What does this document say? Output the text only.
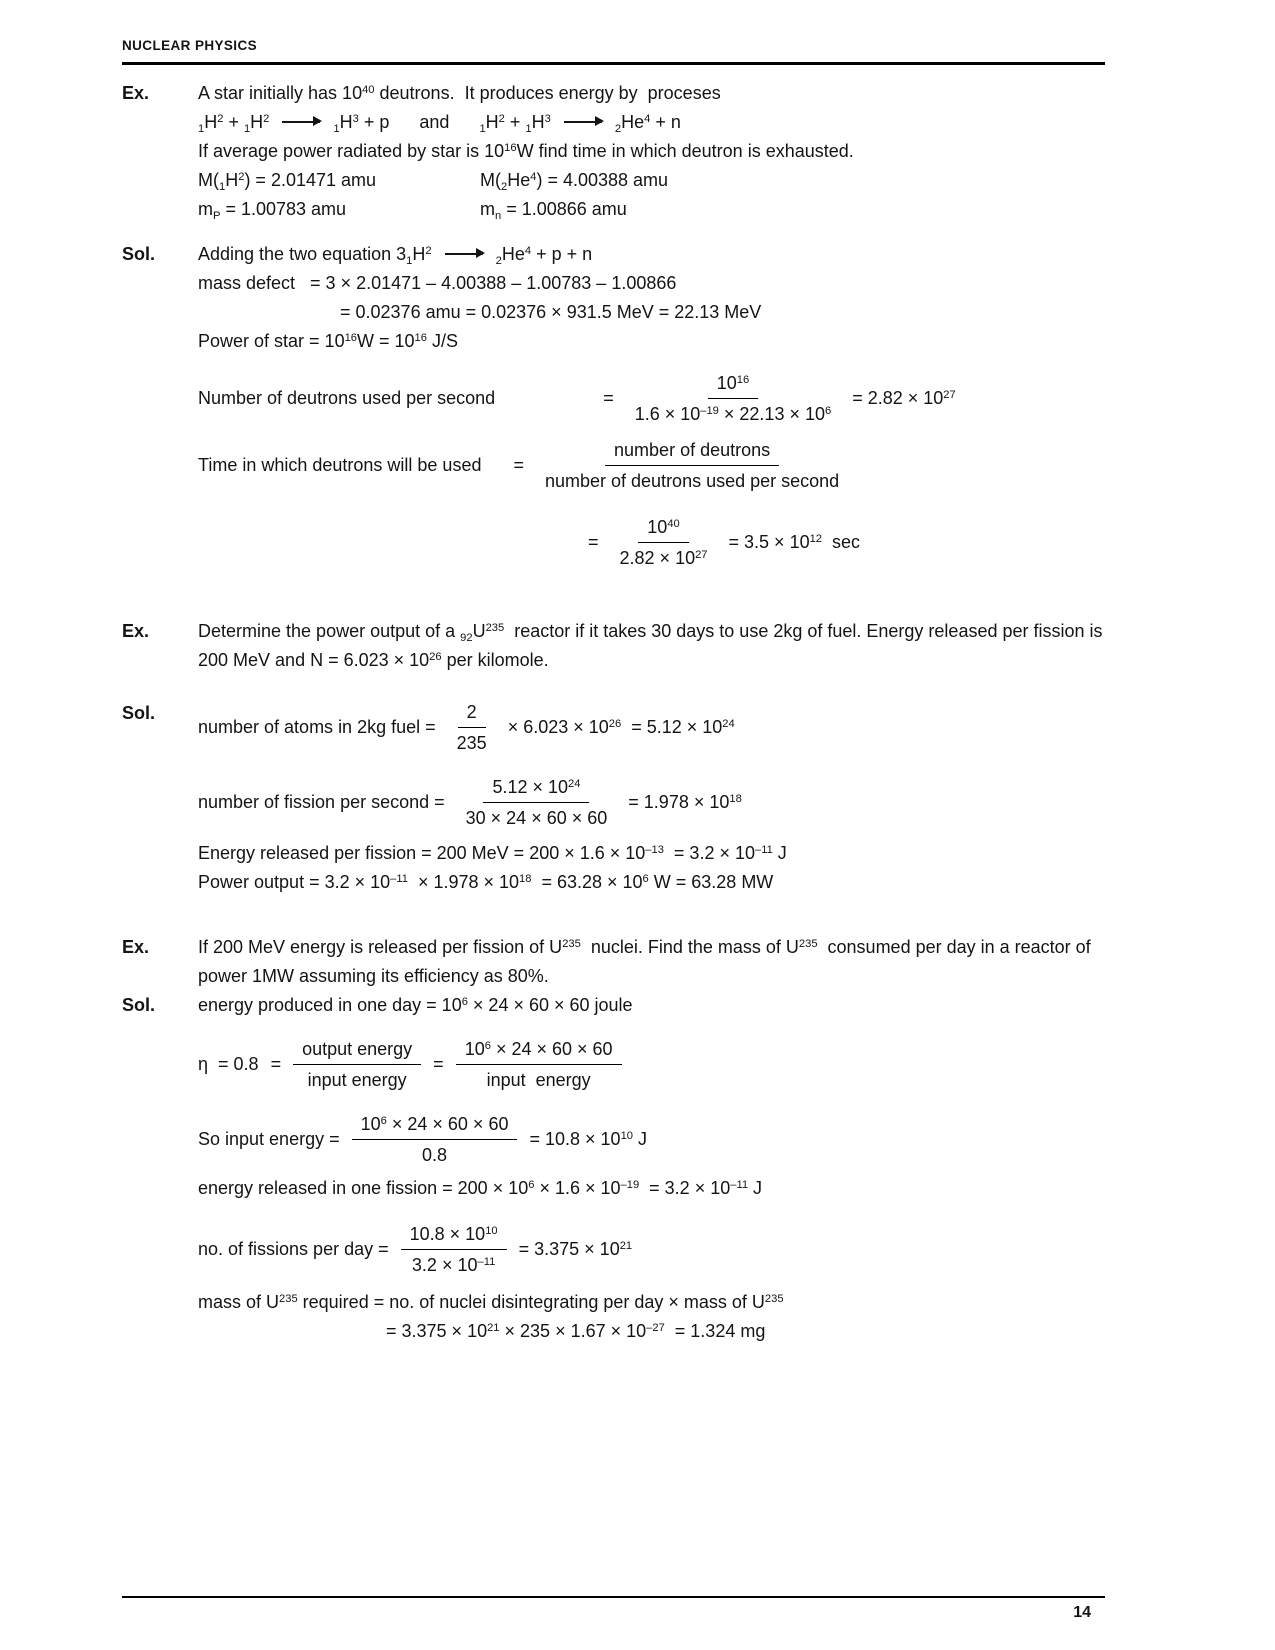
NUCLEAR PHYSICS
Ex.	A star initially has $10^{40}$ deutrons.  It produces energy by  proceses
$_1H^2 + _1H^2 \to _1H^3 + p$      and      $_1H^2 + _1H^3 \to _2He^4 + n$
If average power radiated by star is $10^{16}W$ find time in which deutron is exhausted.
$M(_1H^2) = 2.01471$ amu	$M(_2He^4) = 4.00388$ amu
$m_P = 1.00783$ amu	$m_n = 1.00866$ amu
Sol.	Adding the two equation $3_1H^2 \to _2He^4 + p + n$
mass defect   = 3 × 2.01471 – 4.00388 – 1.00783 – 1.00866
= 0.02376 amu = 0.02376 × 931.5 MeV = 22.13 MeV
Power of star = $10^{16}W = 10^{16}$ J/S
Number of deutrons used per second	= $\frac{10^{16}}{1.6 \times 10^{-19} \times 22.13 \times 10^6} = 2.82 \times 10^{27}$
Time in which deutrons will be used = $\frac{\text{number of deutrons}}{\text{number of deutrons used per second}}$
= $\frac{10^{40}}{2.82 \times 10^{27}} = 3.5 \times 10^{12}$  sec
Ex.	Determine the power output of a $_{92}U^{235}$  reactor if it takes 30 days to use 2kg of fuel. Energy released per fission is 200 MeV and $N = 6.023 \times 10^{26}$ per kilomole.
Sol.
number of atoms in 2kg fuel = $\frac{2}{235} \times 6.023 \times 10^{26} = 5.12 \times 10^{24}$
number of fission per second = $\frac{5.12 \times 10^{24}}{30 \times 24 \times 60 \times 60} = 1.978 \times 10^{18}$
Energy released per fission = 200 MeV = $200 \times 1.6 \times 10^{-13} = 3.2 \times 10^{-11}$ J
Power output = $3.2 \times 10^{-11} \times 1.978 \times 10^{18} = 63.28 \times 10^6$ W = 63.28 MW
Ex.	If 200 MeV energy is released per fission of $U^{235}$  nuclei. Find the mass of $U^{235}$  consumed per day in a reactor of power 1MW assuming its efficiency as 80%.
Sol.	energy produced in one day = $10^6 \times 24 \times 60 \times 60$ joule
$\eta = 0.8 = \frac{\text{output energy}}{\text{input energy}} = \frac{10^6 \times 24 \times 60 \times 60}{\text{input  energy}}$
So input energy = $\frac{10^6 \times 24 \times 60 \times 60}{0.8} = 10.8 \times 10^{10}$ J
energy released in one fission = $200 \times 10^6 \times 1.6 \times 10^{-19} = 3.2 \times 10^{-11}$ J
no. of fissions per day = $\frac{10.8 \times 10^{10}}{3.2 \times 10^{-11}} = 3.375 \times 10^{21}$
mass of $U^{235}$ required = no. of nuclei disintegrating per day × mass of $U^{235}$
= $3.375 \times 10^{21} \times 235 \times 1.67 \times 10^{-27} = 1.324$ mg
14
